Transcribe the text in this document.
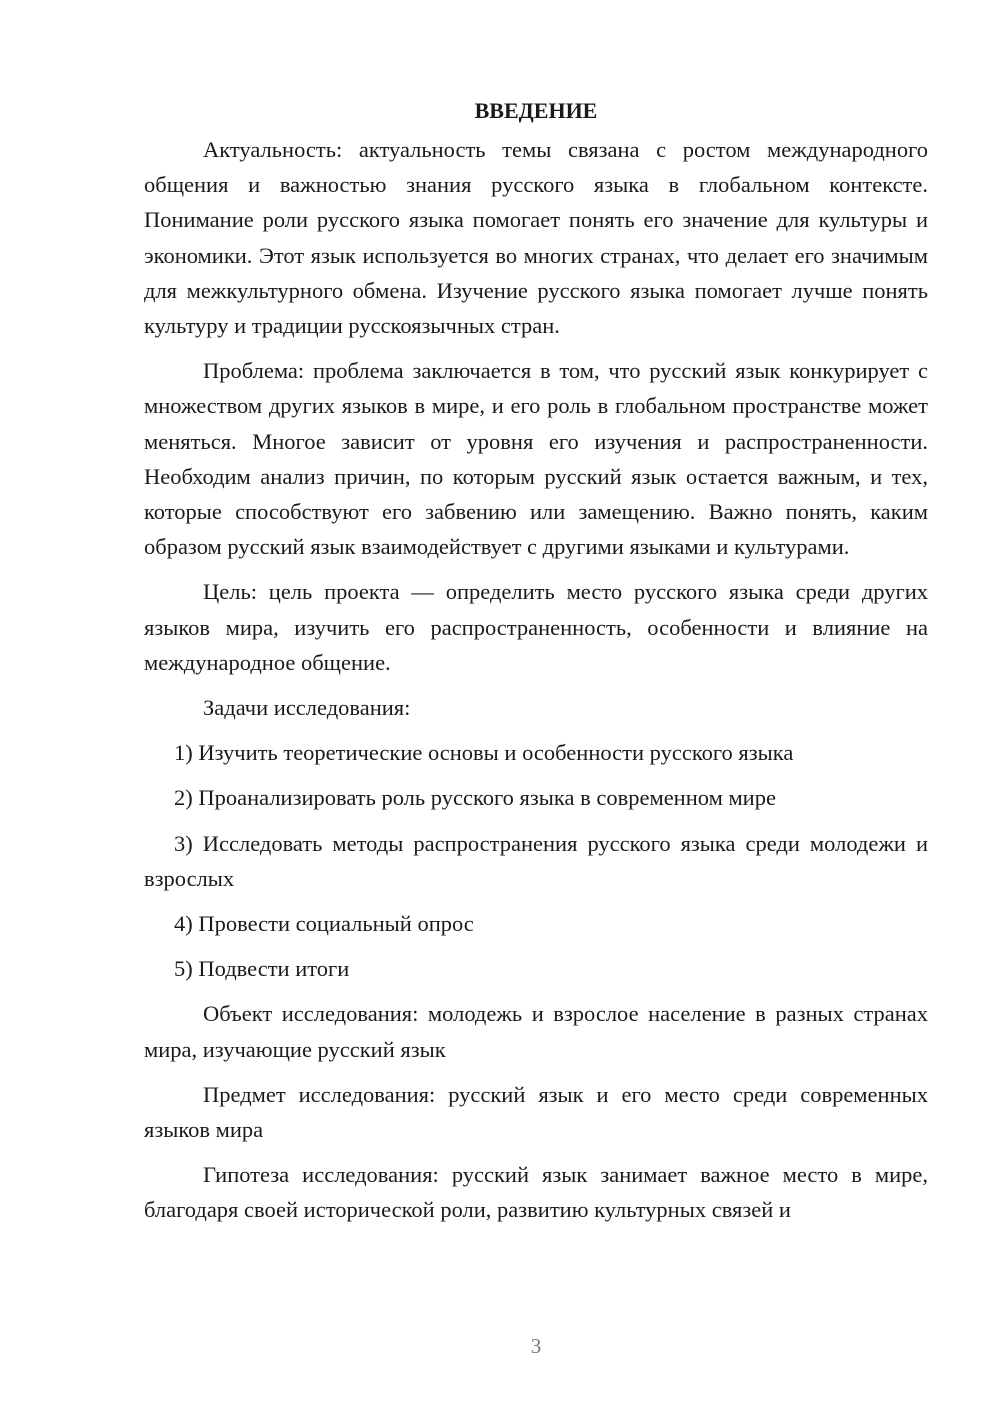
ВВЕДЕНИЕ

Актуальность: актуальность темы связана с ростом международного общения и важностью знания русского языка в глобальном контексте. Понимание роли русского языка помогает понять его значение для культуры и экономики. Этот язык используется во многих странах, что делает его значимым для межкультурного обмена. Изучение русского языка помогает лучше понять культуру и традиции русскоязычных стран.

Проблема: проблема заключается в том, что русский язык конкурирует с множеством других языков в мире, и его роль в глобальном пространстве может меняться. Многое зависит от уровня его изучения и распространенности. Необходим анализ причин, по которым русский язык остается важным, и тех, которые способствуют его забвению или замещению. Важно понять, каким образом русский язык взаимодействует с другими языками и культурами.

Цель: цель проекта — определить место русского языка среди других языков мира, изучить его распространенность, особенности и влияние на международное общение.

Задачи исследования:

1) Изучить теоретические основы и особенности русского языка

2) Проанализировать роль русского языка в современном мире

3) Исследовать методы распространения русского языка среди молодежи и взрослых

4) Провести социальный опрос

5) Подвести итоги

Объект исследования: молодежь и взрослое население в разных странах мира, изучающие русский язык

Предмет исследования: русский язык и его место среди современных языков мира

Гипотеза исследования: русский язык занимает важное место в мире, благодаря своей исторической роли, развитию культурных связей и

3
